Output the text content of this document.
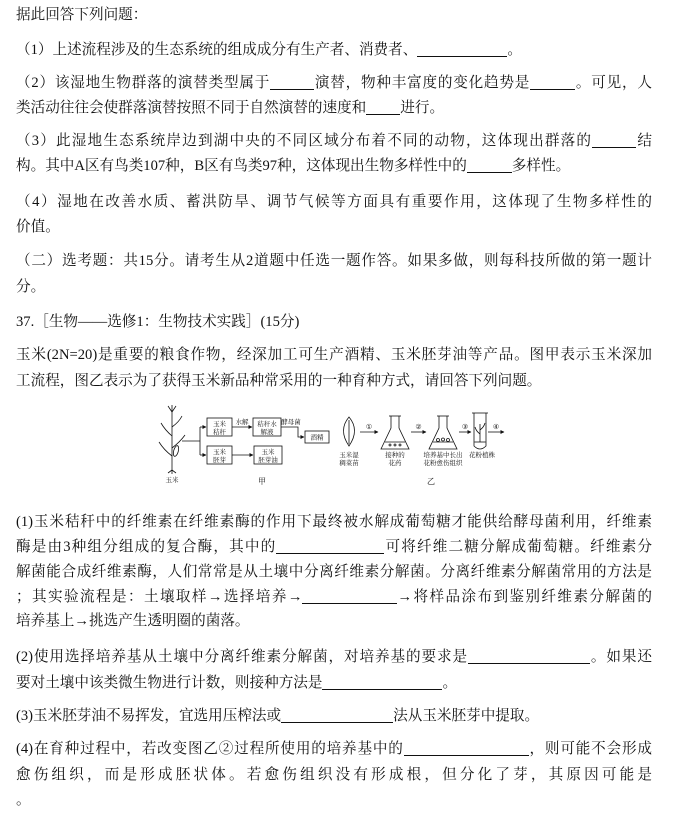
据此回答下列问题：
（1）上述流程涉及的生态系统的组成成分有生产者、消费者、	。
（2）该湿地生物群落的演替类型属于	演替，物种丰富度的变化趋势是	。可见，人
类活动往往会使群落演替按照不同于自然演替的速度和 进行。
（3）此湿地生态系统岸边到湖中央的不同区域分布着不同的动物，这体现出群落的	结
构。其中A区有鸟类107种，B区有鸟类97种，这体现出生物多样性中的	多样性。
（4）湿地在改善水质、蓄洪防旱、调节气候等方面具有重要作用，这体现了生物多样性的
价值。
（二）选考题：共15分。请考生从2道题中任选一题作答。如果多做，则每科技所做的第一题计
分。
37.［生物——选修1：生物技术实践］(15分)
玉米(2N=20)是重要的粮食作物，经深加工可生产酒精、玉米胚芽油等产品。图甲表示玉米深加
工流程，图乙表示为了获得玉米新品种常采用的一种育种方式，请回答下列问题。
玉米
玉米
秸秆
水解 秸秆水
解液
酵母菌
酒精
玉米
胚芽
玉米
胚芽油
甲
玉米湿
稠菜苗
①
接种的
花药
②
培养基中长出
花粉愈伤组织
③
花粉植株
④
乙
(1)玉米秸秆中的纤维素在纤维素酶的作用下最终被水解成葡萄糖才能供给酵母菌利用，纤维素
酶是由3种组分组成的复合酶，其中的	可将纤维二糖分解成葡萄糖。纤维素分
解菌能合成纤维素酶，人们常常是从土壤中分离纤维素分解菌。分离纤维素分解菌常用的方法是
；其实验流程是：土壤取样→选择培养→	→将样品涂布到鉴别纤维素分解菌的
培养基上→挑选产生透明圈的菌落。
(2)使用选择培养基从土壤中分离纤维素分解菌，对培养基的要求是	。如果还
要对土壤中该类微生物进行计数，则接种方法是	。
(3)玉米胚芽油不易挥发，宜选用压榨法或	法从玉米胚芽中提取。
(4)在育种过程中，若改变图乙②过程所使用的培养基中的	，则可能不会形成
愈伤组织，而是形成胚状体。若愈伤组织没有形成根，但分化了芽，其原因可能是
。
